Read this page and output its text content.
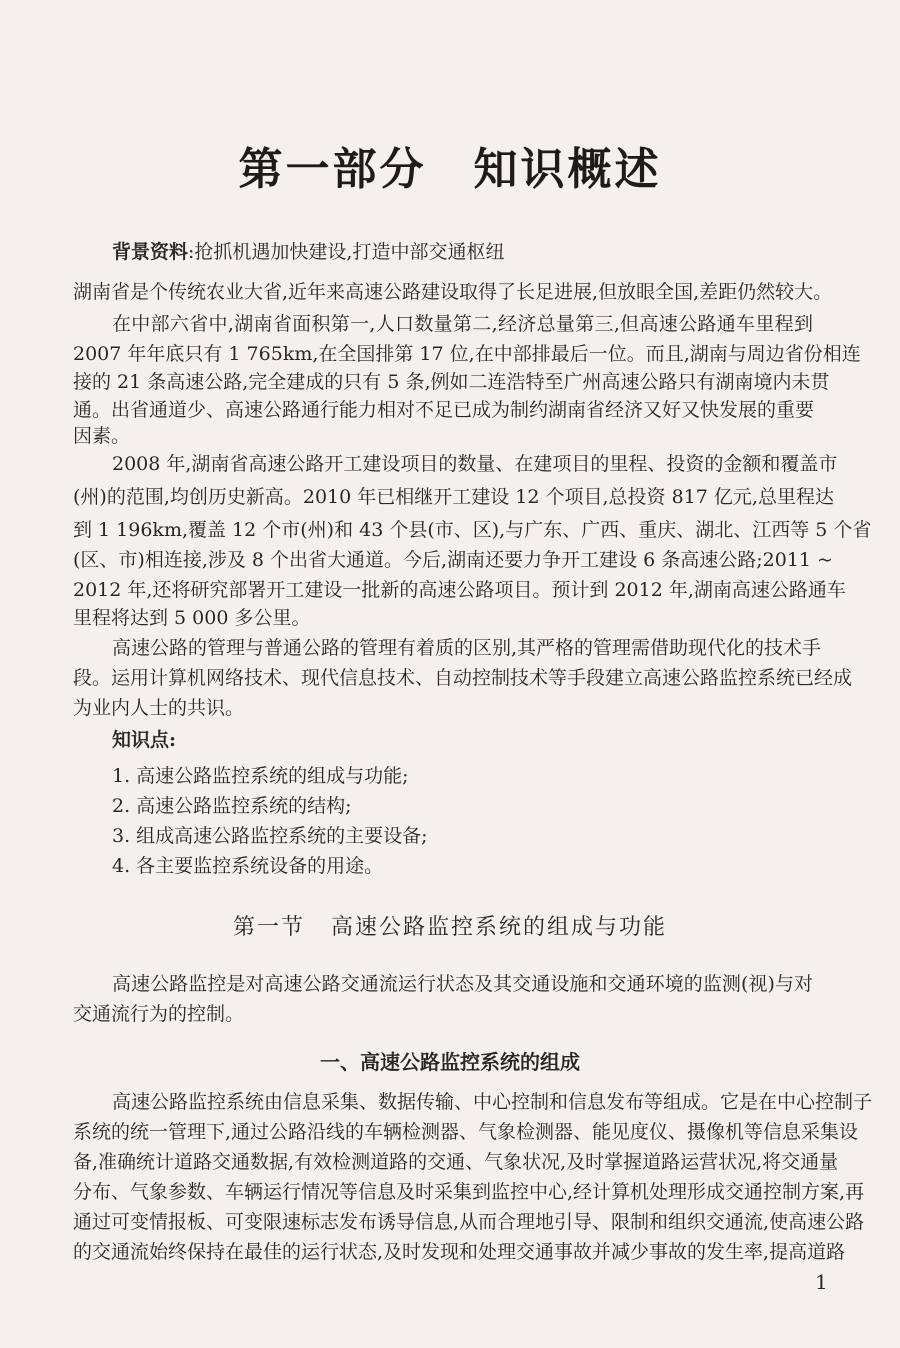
第一部分　知识概述
背景资料:抢抓机遇加快建设,打造中部交通枢纽
湖南省是个传统农业大省,近年来高速公路建设取得了长足进展,但放眼全国,差距仍然较大。
在中部六省中,湖南省面积第一,人口数量第二,经济总量第三,但高速公路通车里程到
2007 年年底只有 1 765km,在全国排第 17 位,在中部排最后一位。而且,湖南与周边省份相连
接的 21 条高速公路,完全建成的只有 5 条,例如二连浩特至广州高速公路只有湖南境内未贯
通。出省通道少、高速公路通行能力相对不足已成为制约湖南省经济又好又快发展的重要
因素。
2008 年,湖南省高速公路开工建设项目的数量、在建项目的里程、投资的金额和覆盖市
(州)的范围,均创历史新高。2010 年已相继开工建设 12 个项目,总投资 817 亿元,总里程达
到 1 196km,覆盖 12 个市(州)和 43 个县(市、区),与广东、广西、重庆、湖北、江西等 5 个省
(区、市)相连接,涉及 8 个出省大通道。今后,湖南还要力争开工建设 6 条高速公路;2011 ~
2012 年,还将研究部署开工建设一批新的高速公路项目。预计到 2012 年,湖南高速公路通车
里程将达到 5 000 多公里。
高速公路的管理与普通公路的管理有着质的区别,其严格的管理需借助现代化的技术手
段。运用计算机网络技术、现代信息技术、自动控制技术等手段建立高速公路监控系统已经成
为业内人士的共识。
知识点:
1. 高速公路监控系统的组成与功能;
2. 高速公路监控系统的结构;
3. 组成高速公路监控系统的主要设备;
4. 各主要监控系统设备的用途。
第一节 高速公路监控系统的组成与功能
高速公路监控是对高速公路交通流运行状态及其交通设施和交通环境的监测(视)与对
交通流行为的控制。
一、高速公路监控系统的组成
高速公路监控系统由信息采集、数据传输、中心控制和信息发布等组成。它是在中心控制子
系统的统一管理下,通过公路沿线的车辆检测器、气象检测器、能见度仪、摄像机等信息采集设
备,准确统计道路交通数据,有效检测道路的交通、气象状况,及时掌握道路运营状况,将交通量
分布、气象参数、车辆运行情况等信息及时采集到监控中心,经计算机处理形成交通控制方案,再
通过可变情报板、可变限速标志发布诱导信息,从而合理地引导、限制和组织交通流,使高速公路
的交通流始终保持在最佳的运行状态,及时发现和处理交通事故并减少事故的发生率,提高道路
1
